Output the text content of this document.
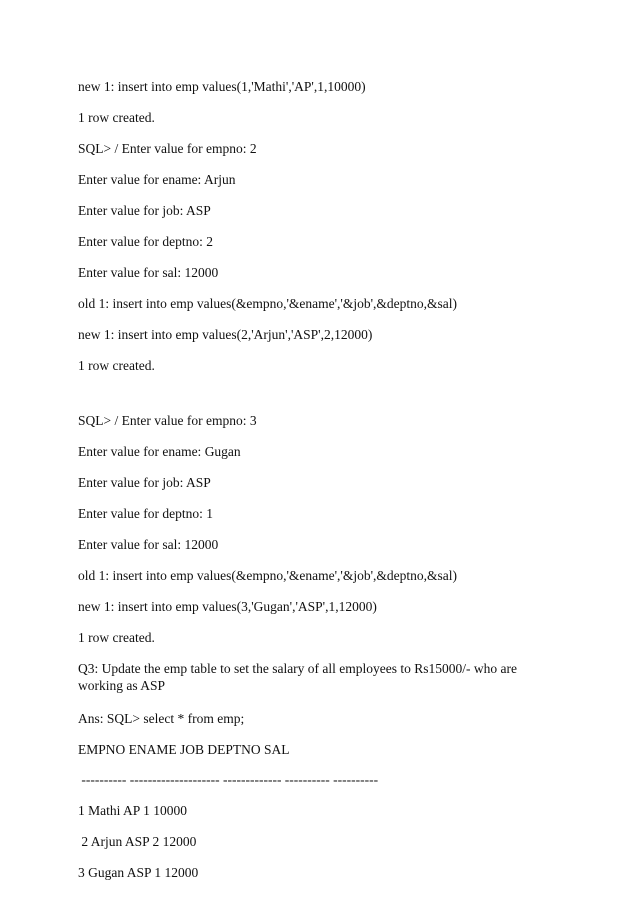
new 1: insert into emp values(1,'Mathi','AP',1,10000)
1 row created.
SQL> / Enter value for empno: 2
Enter value for ename: Arjun
Enter value for job: ASP
Enter value for deptno: 2
Enter value for sal: 12000
old 1: insert into emp values(&empno,'&ename','&job',&deptno,&sal)
new 1: insert into emp values(2,'Arjun','ASP',2,12000)
1 row created.
SQL> / Enter value for empno: 3
Enter value for ename: Gugan
Enter value for job: ASP
Enter value for deptno: 1
Enter value for sal: 12000
old 1: insert into emp values(&empno,'&ename','&job',&deptno,&sal)
new 1: insert into emp values(3,'Gugan','ASP',1,12000)
1 row created.
Q3: Update the emp table to set the salary of all employees to Rs15000/- who are working as ASP
Ans: SQL> select * from emp;
EMPNO ENAME JOB DEPTNO SAL
---------- -------------------- ------------- ---------- ----------
1 Mathi AP 1 10000
2 Arjun ASP 2 12000
3 Gugan ASP 1 12000
